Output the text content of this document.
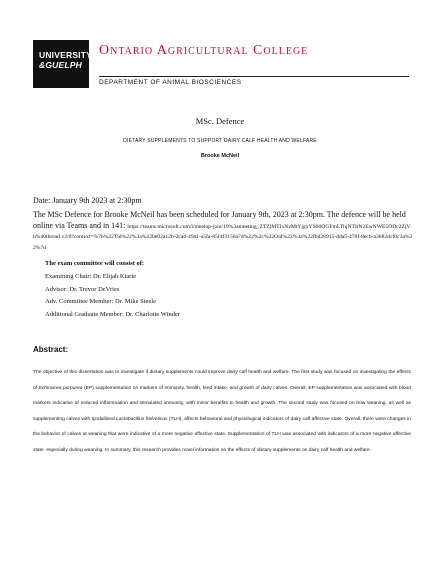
UNIVERSITY
&GUELPH
Ontario Agricultural College
DEPARTMENT OF ANIMAL BIOSCIENCES
MSc. Defence
DIETARY SUPPLEMENTS TO SUPPORT DAIRY CALF HEALTH AND WELFARE
Brooke McNeil
Date: January 9th 2023 at 2:30pm
The MSc Defence for Brooke McNeil has been scheduled for January 9th, 2023 at 2:30pm. The defence will be held online via Teams and in 141: https://teams.microsoft.com/l/meetup-join/19%3ameeting_ZTZjMTIxNzMtYjgxYS00OGFmLThjNTItN2EwNWE5ODc2ZjVh%40thread.v2/0?context=%7b%22Tid%22%3a%22be02a12b-2cad-49a1-a5fa-85f4f3156a7d%22%2c%22Oid%22%3a%22fbd28915-dda5-478f-8ecb-a3682dcf0c3a%22%7d
The exam committee will consist of:
Examining Chair: Dr. Elijah Kiarie
Advisor: Dr. Trevor DeVries
Adv. Committee Member: Dr. Mike Steele
Additional Graduate Member: Dr. Charlotte Winder
Abstract:
The objective of this dissertation was to investigate if dietary supplements could improve dairy calf health and welfare. The first study was focused on investigating the effects of Echinacea purpurea (EP) supplementation on markers of immunity, health, feed intake, and growth of dairy calves. Overall, EP supplementation was associated with blood markers indicative of reduced inflammation and stimulated immunity, with minor benefits to health and growth. The second study was focused on how weaning, as well as supplementing calves with tyndallized Lactobacillus helveticus (TLH), affects behavioral and physiological indicators of dairy calf affective state. Overall, there were changes in the behavior of calves at weaning that were indicative of a more negative affective state. Supplementation of TLH was associated with indicators of a more negative affective state, especially during weaning. In summary, this research provides novel information on the effects of dietary supplements on dairy calf health and welfare.
